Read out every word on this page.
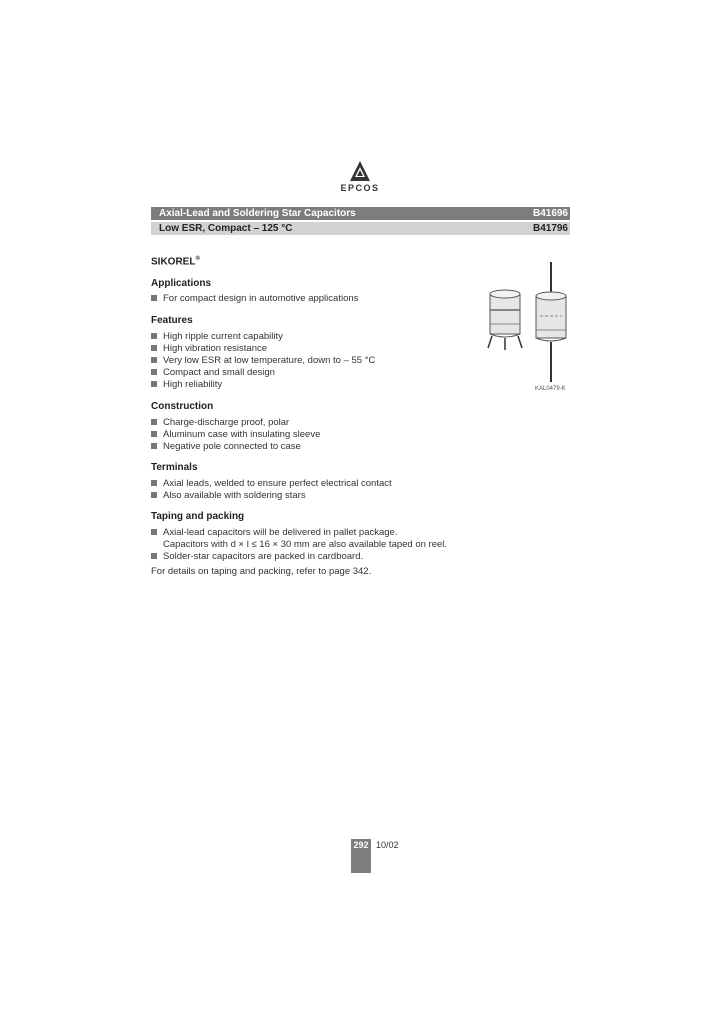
EPCOS
Axial-Lead and Soldering Star Capacitors	B41696
Low ESR, Compact – 125 °C	B41796
SIKOREL®
Applications
For compact design in automotive applications
Features
High ripple current capability
High vibration resistance
Very low ESR at low temperature, down to – 55 °C
Compact and small design
High reliability
Construction
Charge-discharge proof, polar
Aluminum case with insulating sleeve
Negative pole connected to case
Terminals
Axial leads, welded to ensure perfect electrical contact
Also available with soldering stars
Taping and packing
Axial-lead capacitors will be delivered in pallet package.
Capacitors with d × l ≤ 16 × 30 mm are also available taped on reel.
Solder-star capacitors are packed in cardboard.
For details on taping and packing, refer to page 342.
KAL0479-K
292 10/02
